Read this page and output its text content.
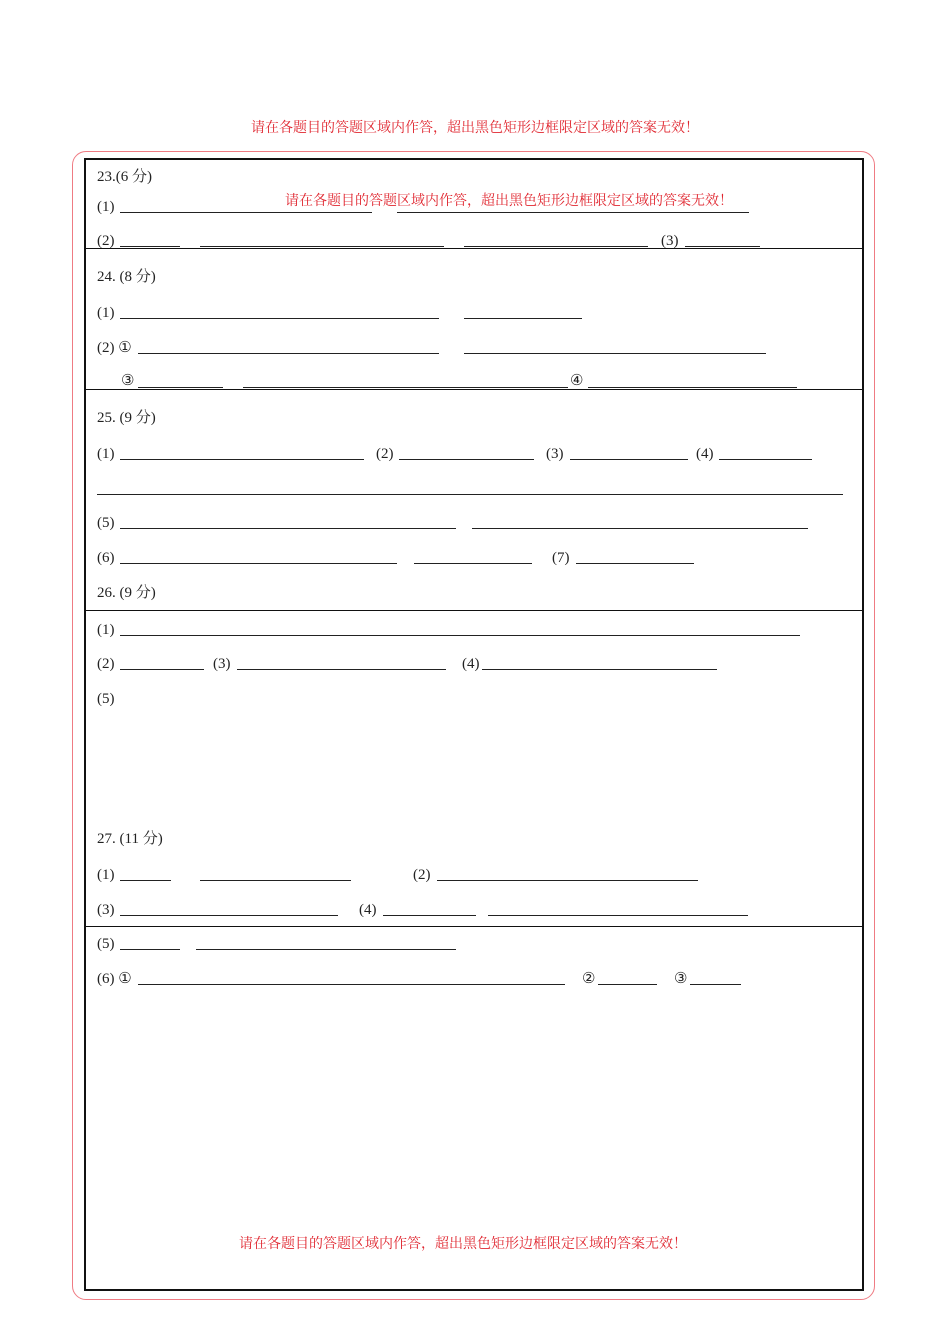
请在各题目的答题区域内作答，超出黑色矩形边框限定区域的答案无效！
23.(6 分)
请在各题目的答题区域内作答，超出黑色矩形边框限定区域的答案无效！
(1)
(2)	(3)
24. (8 分)
(1)
(2) ①
③	④
25. (9 分)
(1)	(2)	(3)	(4)
(5)
(6)	(7)
26. (9 分)
(1)
(2)	(3)	(4)
(5)
27. (11 分)
(1)	(2)
(3)	(4)
(5)
(6) ①	②	③
请在各题目的答题区域内作答，超出黑色矩形边框限定区域的答案无效！
